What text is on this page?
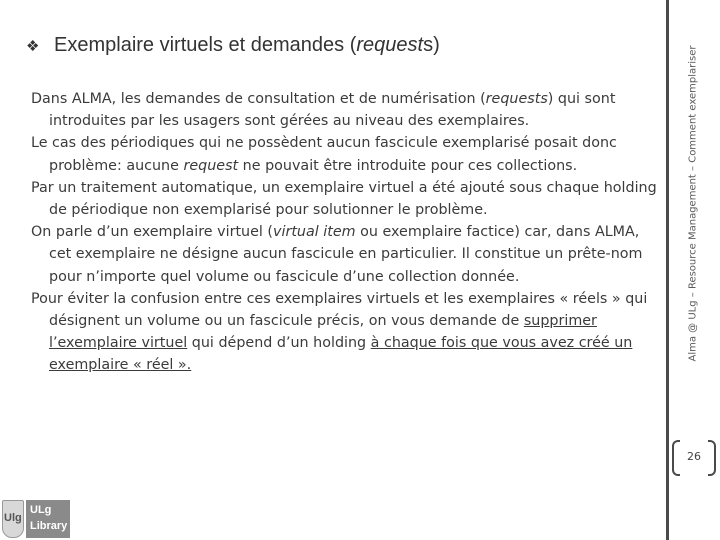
❖ Exemplaire virtuels et demandes (requests)

Dans ALMA, les demandes de consultation et de numérisation (requests) qui sont introduites par les usagers sont gérées au niveau des exemplaires.

Le cas des périodiques qui ne possèdent aucun fascicule exemplarisé posait donc problème: aucune request ne pouvait être introduite pour ces collections.

Par un traitement automatique, un exemplaire virtuel a été ajouté sous chaque holding de périodique non exemplarisé pour solutionner le problème.

On parle d’un exemplaire virtuel (virtual item ou exemplaire factice) car, dans ALMA, cet exemplaire ne désigne aucun fascicule en particulier. Il constitue un prête-nom pour n’importe quel volume ou fascicule d’une collection donnée.

Pour éviter la confusion entre ces exemplaires virtuels et les exemplaires « réels » qui désignent un volume ou un fascicule précis, on vous demande de supprimer l’exemplaire virtuel qui dépend d’un holding à chaque fois que vous avez créé un exemplaire « réel ».

Alma @ ULg – Resource Management – Comment exemplariser
26
Ulg
ULg
Library
